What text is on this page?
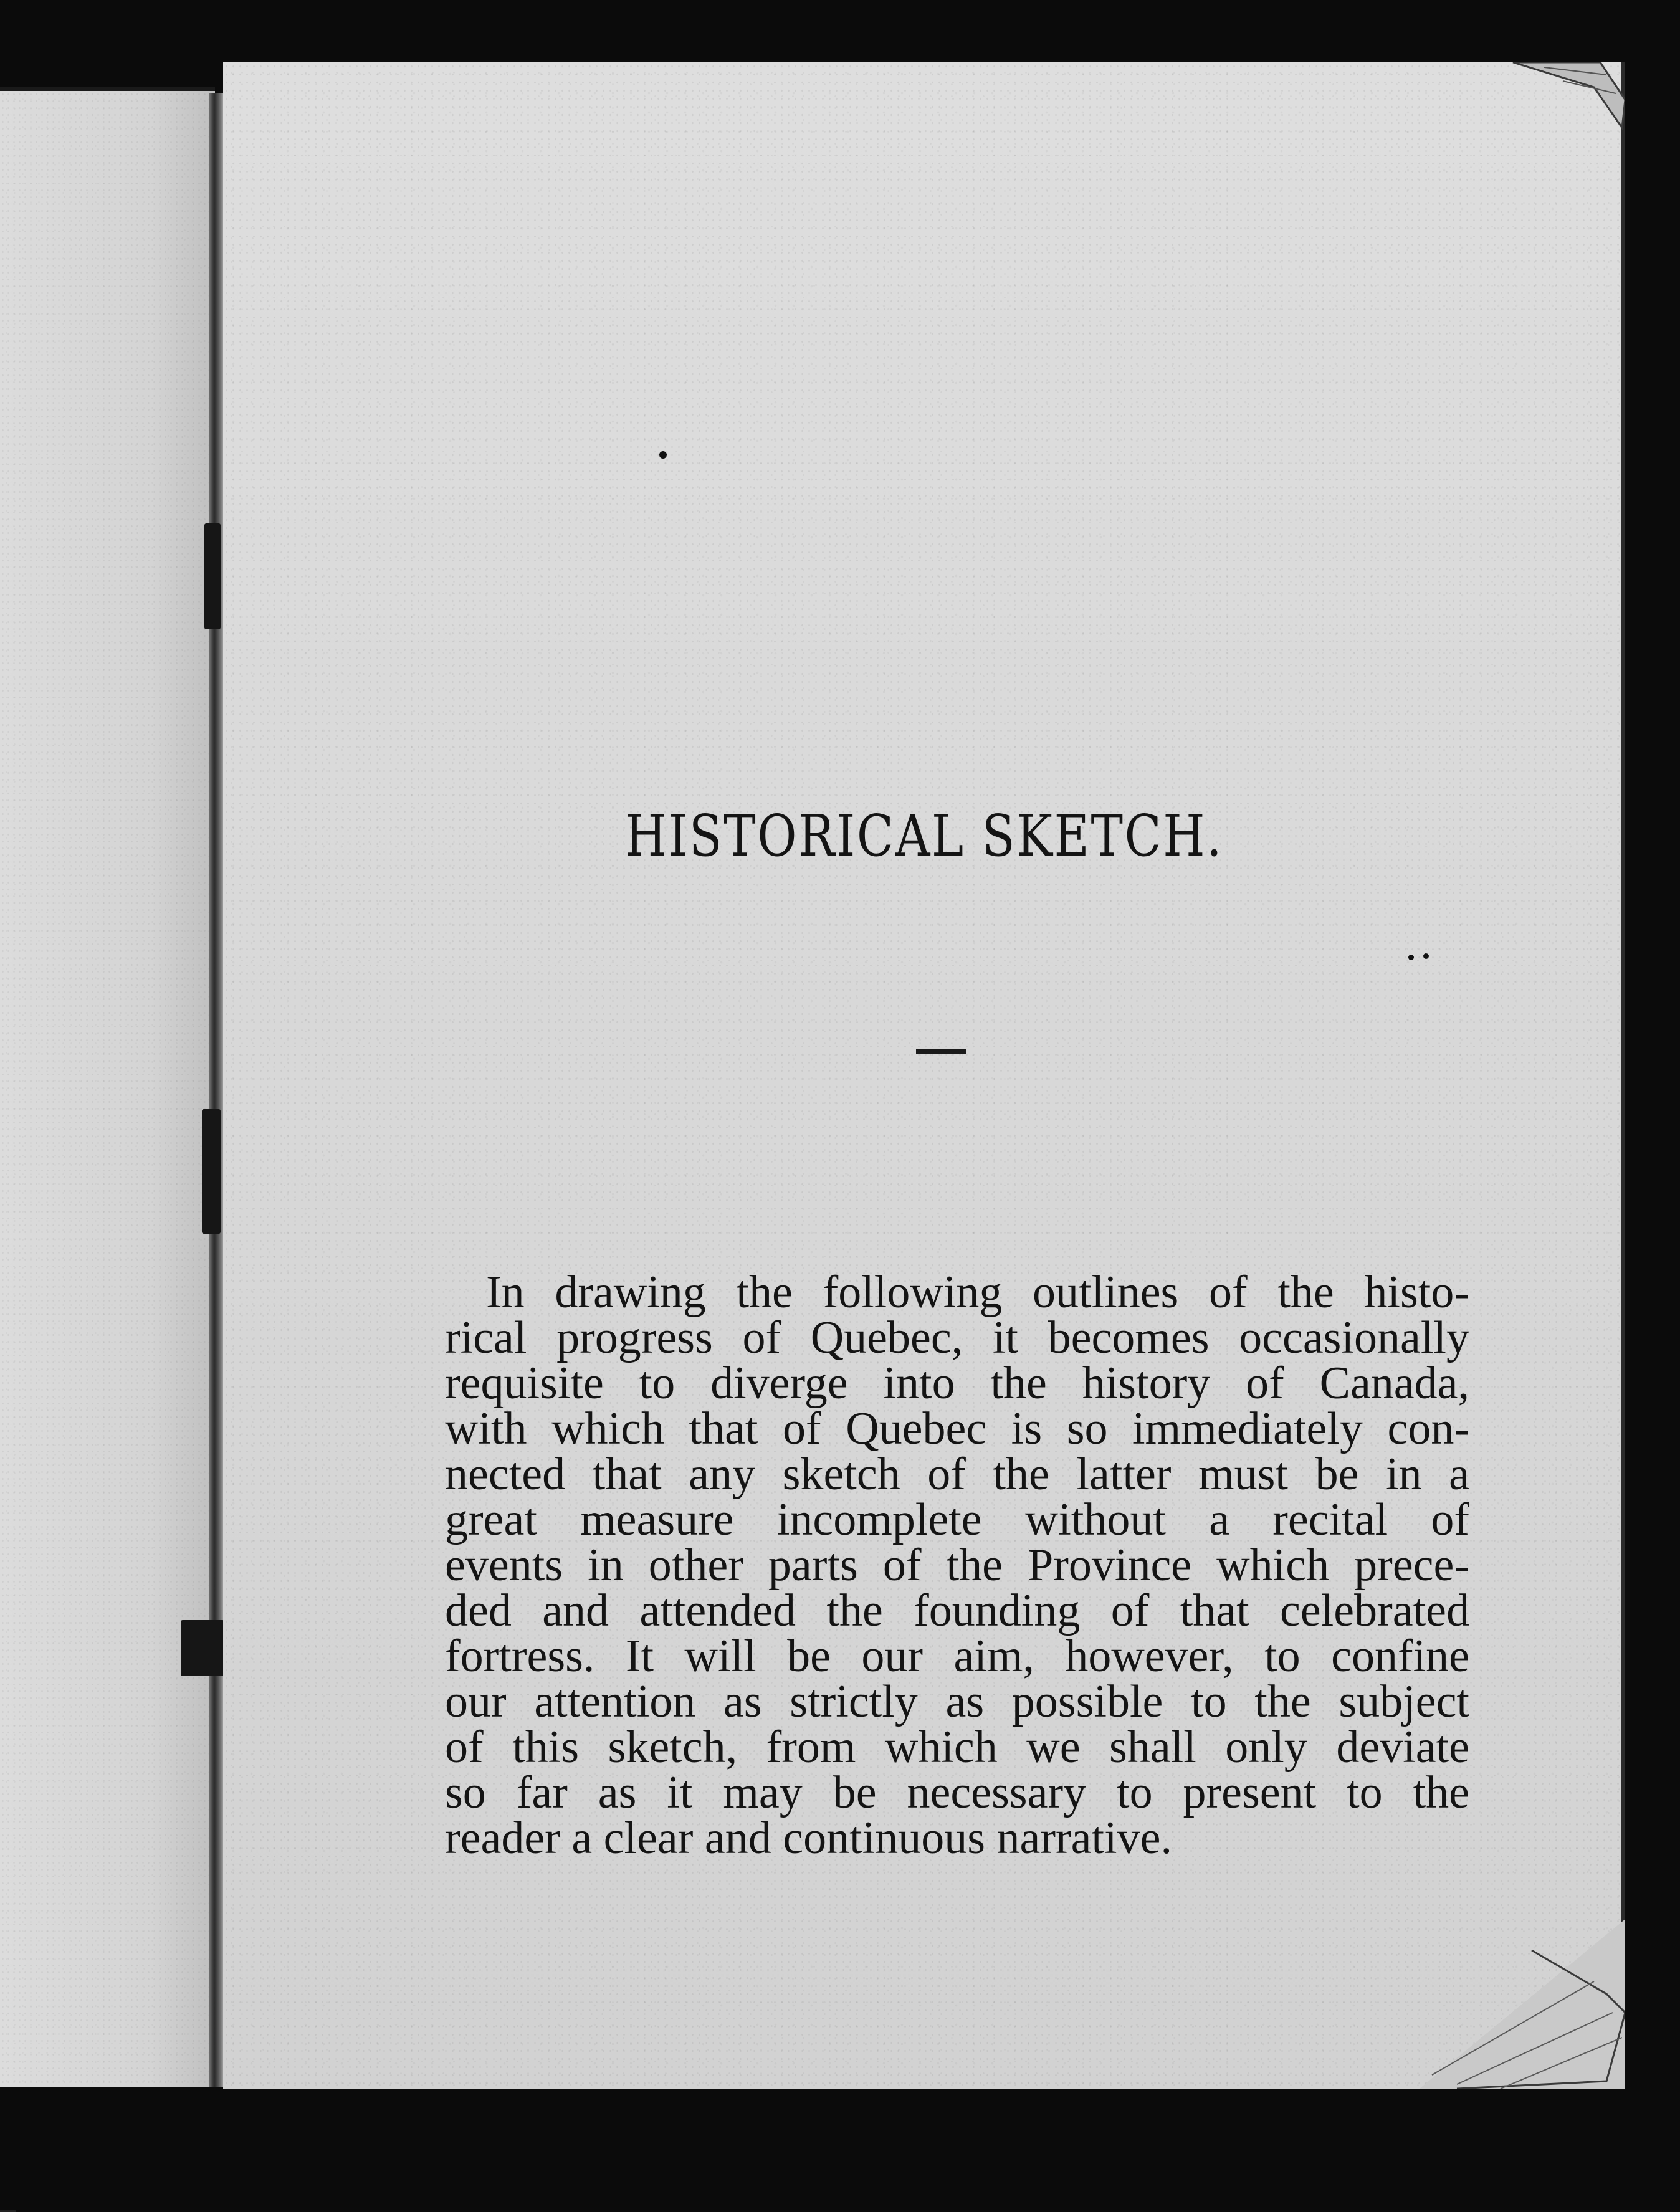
HISTORICAL SKETCH.

In drawing the following outlines of the histo-
rical progress of Quebec, it becomes occasionally
requisite to diverge into the history of Canada,
with which that of Quebec is so immediately con-
nected that any sketch of the latter must be in a
great measure incomplete without a recital of
events in other parts of the Province which prece-
ded and attended the founding of that celebrated
fortress. It will be our aim, however, to confine
our attention as strictly as possible to the subject
of this sketch, from which we shall only deviate
so far as it may be necessary to present to the
reader a clear and continuous narrative.
